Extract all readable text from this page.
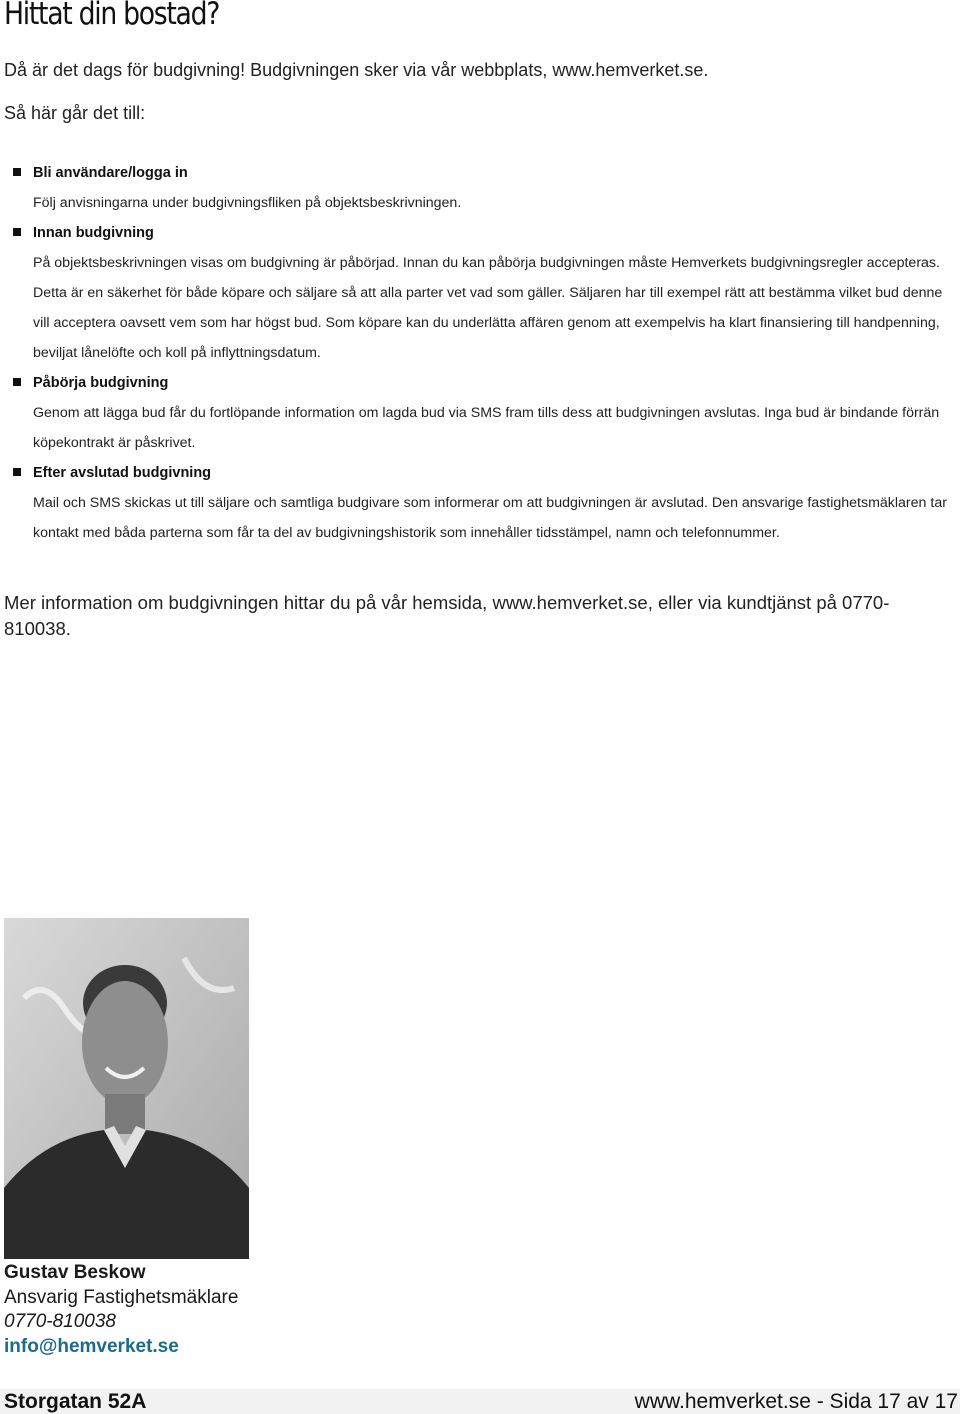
Hittat din bostad?

Då är det dags för budgivning! Budgivningen sker via vår webbplats, www.hemverket.se.

Så här går det till:

Bli användare/logga in
Följ anvisningarna under budgivningsfliken på objektsbeskrivningen.
Innan budgivning
På objektsbeskrivningen visas om budgivning är påbörjad. Innan du kan påbörja budgivningen måste Hemverkets budgivningsregler accepteras. Detta är en säkerhet för både köpare och säljare så att alla parter vet vad som gäller. Säljaren har till exempel rätt att bestämma vilket bud denne vill acceptera oavsett vem som har högst bud. Som köpare kan du underlätta affären genom att exempelvis ha klart finansiering till handpenning, beviljat lånelöfte och koll på inflyttningsdatum.
Påbörja budgivning
Genom att lägga bud får du fortlöpande information om lagda bud via SMS fram tills dess att budgivningen avslutas. Inga bud är bindande förrän köpekontrakt är påskrivet.
Efter avslutad budgivning
Mail och SMS skickas ut till säljare och samtliga budgivare som informerar om att budgivningen är avslutad. Den ansvarige fastighetsmäklaren tar kontakt med båda parterna som får ta del av budgivningshistorik som innehåller tidsstämpel, namn och telefonnummer.

Mer information om budgivningen hittar du på vår hemsida, www.hemverket.se, eller via kundtjänst på 0770-810038.

Gustav Beskow
Ansvarig Fastighetsmäklare
0770-810038
info@hemverket.se
Storgatan 52A	www.hemverket.se - Sida 17 av 17
